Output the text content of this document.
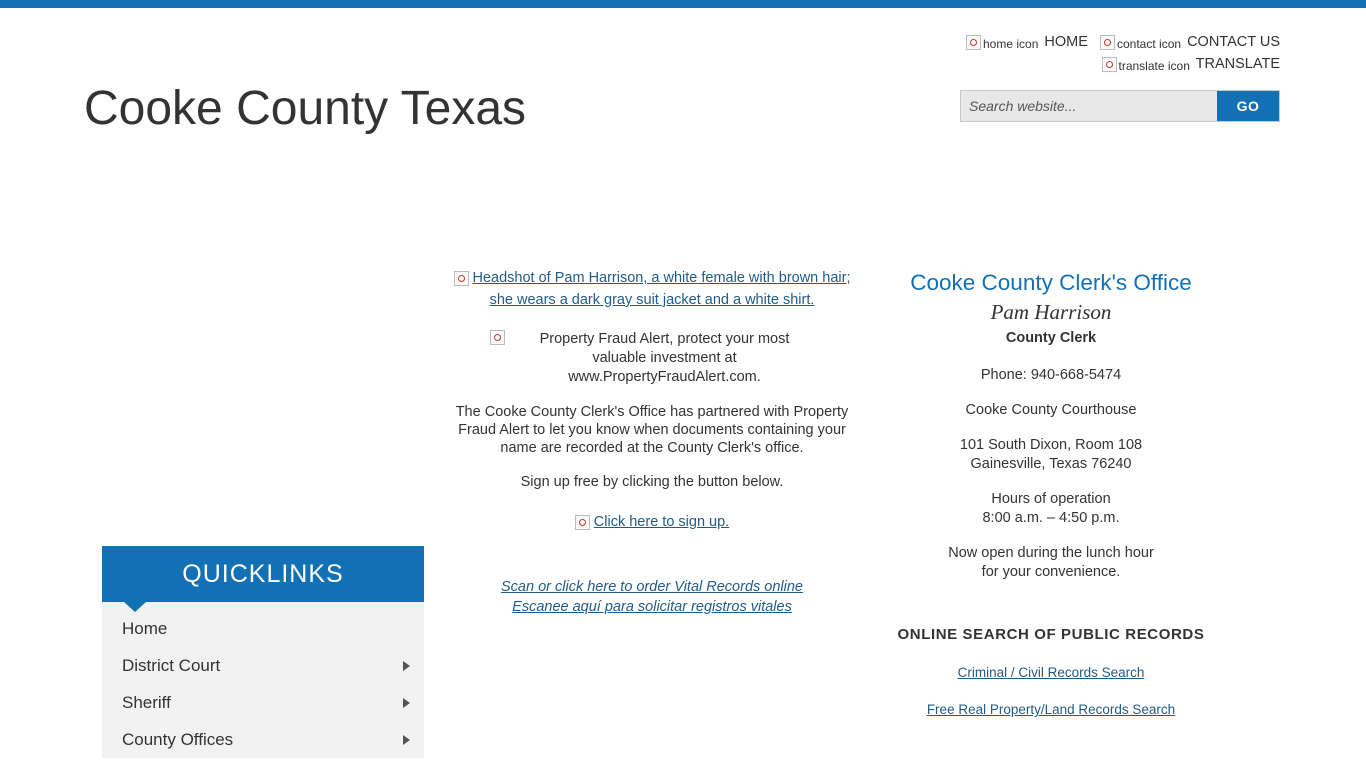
Cooke County Texas
home icon HOME contact icon CONTACT US
translate icon TRANSLATE
Search website...
GO
QUICKLINKS
Home
District Court
Sheriff
County Offices
Headshot of Pam Harrison, a white female with brown hair; she wears a dark gray suit jacket and a white shirt.
Property Fraud Alert, protect your most valuable investment at www.PropertyFraudAlert.com.

The Cooke County Clerk's Office has partnered with Property Fraud Alert to let you know when documents containing your name are recorded at the County Clerk's office.

Sign up free by clicking the button below.

Click here to sign up.
Scan or click here to order Vital Records online
Escanee aquí para solicitar registros vitales
Cooke County Clerk's Office
Pam Harrison
County Clerk
Phone: 940-668-5474
Cooke County Courthouse
101 South Dixon, Room 108
Gainesville, Texas 76240
Hours of operation
8:00 a.m. – 4:50 p.m.
Now open during the lunch hour
for your convenience.
ONLINE SEARCH OF PUBLIC RECORDS
Criminal / Civil Records Search
Free Real Property/Land Records Search
